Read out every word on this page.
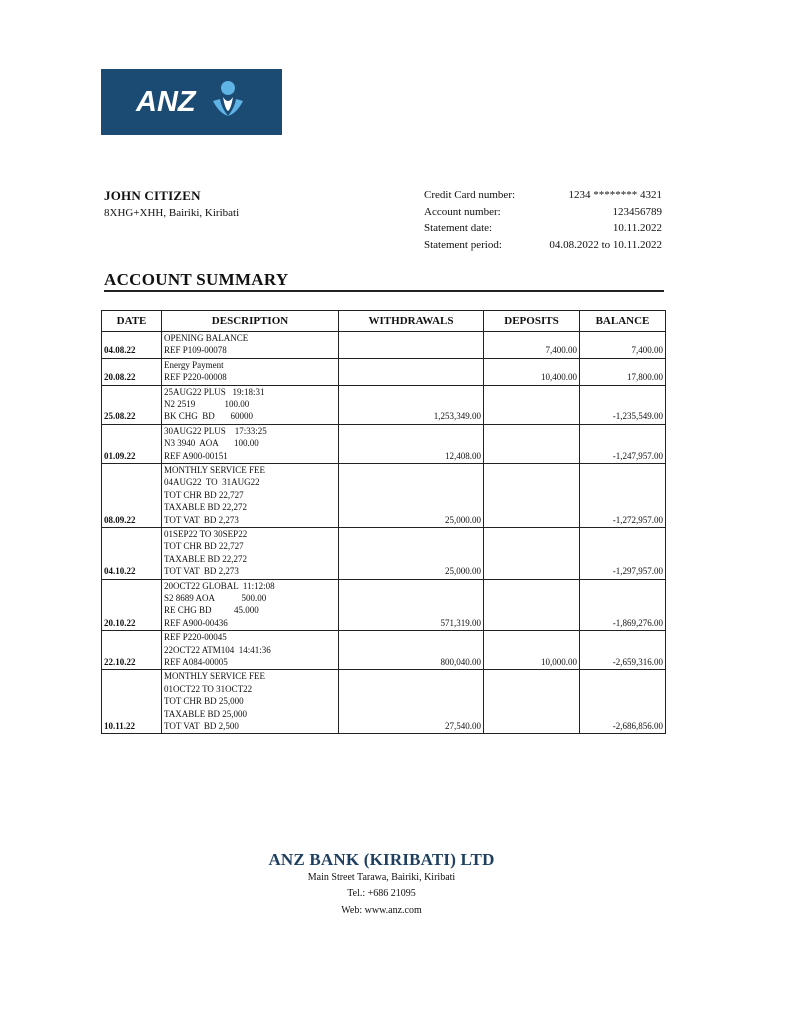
ANZ
JOHN CITIZEN
8XHG+XHH, Bairiki, Kiribati
Credit Card number:	1234 ******** 4321
Account number:	123456789
Statement date:	10.11.2022
Statement period:	04.08.2022 to 10.11.2022
ACCOUNT SUMMARY
DATE	DESCRIPTION	WITHDRAWALS	DEPOSITS	BALANCE
04.08.22	OPENING BALANCE
REF P109-00078		7,400.00	7,400.00
20.08.22	Energy Payment
REF P220-00008		10,400.00	17,800.00
25.08.22	25AUG22 PLUS   19:18:31
N2 2519             100.00
BK CHG  BD       60000	1,253,349.00		-1,235,549.00
01.09.22	30AUG22 PLUS    17:33:25
N3 3940  AOA       100.00
REF A900-00151	12,408.00		-1,247,957.00
08.09.22	MONTHLY SERVICE FEE
04AUG22  TO  31AUG22
TOT CHR BD 22,727
TAXABLE BD 22,272
TOT VAT  BD 2,273	25,000.00		-1,272,957.00
04.10.22	01SEP22 TO 30SEP22
TOT CHR BD 22,727
TAXABLE BD 22,272
TOT VAT  BD 2,273	25,000.00		-1,297,957.00
20.10.22	20OCT22 GLOBAL  11:12:08
S2 8689 AOA            500.00
RE CHG BD          45.000
REF A900-00436	571,319.00		-1,869,276.00
22.10.22	REF P220-00045
22OCT22 ATM104  14:41:36
REF A084-00005	800,040.00	10,000.00	-2,659,316.00
10.11.22	MONTHLY SERVICE FEE
01OCT22 TO 31OCT22
TOT CHR BD 25,000
TAXABLE BD 25,000
TOT VAT  BD 2,500	27,540.00		-2,686,856.00
ANZ BANK (KIRIBATI) LTD
Main Street Tarawa, Bairiki, Kiribati
Tel.: +686 21095
Web: www.anz.com
